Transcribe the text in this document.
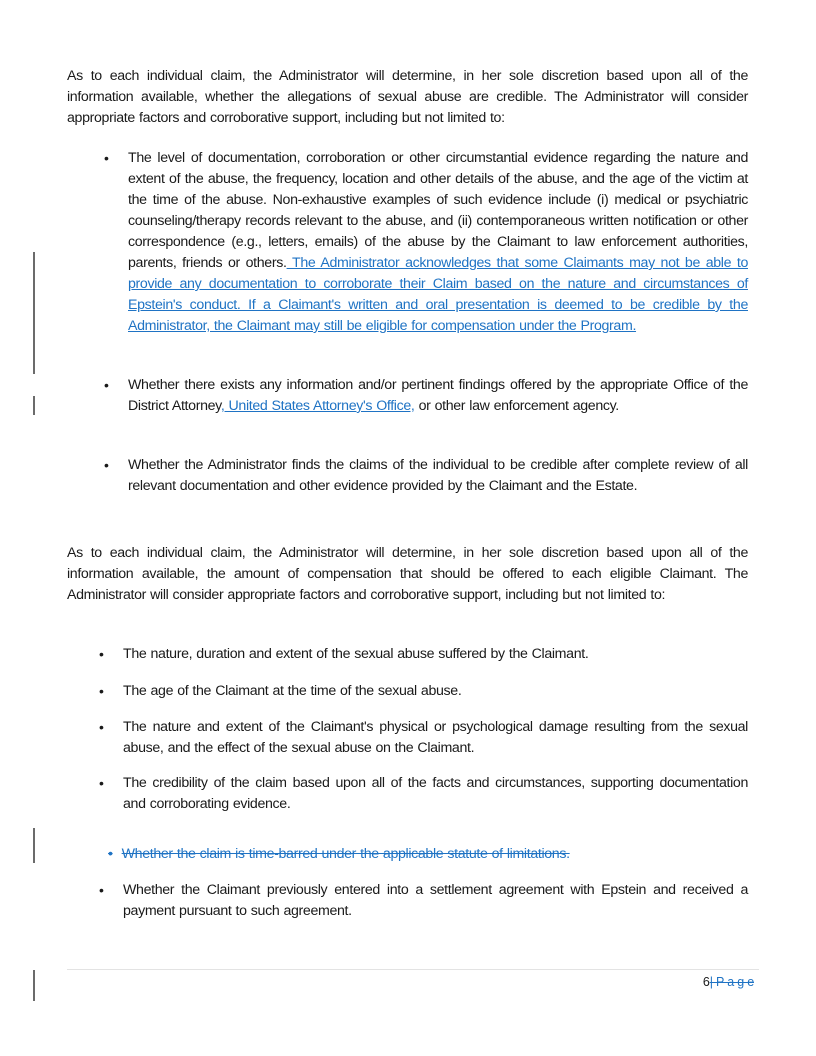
As to each individual claim, the Administrator will determine, in her sole discretion based upon all of the information available, whether the allegations of sexual abuse are credible. The Administrator will consider appropriate factors and corroborative support, including but not limited to:

• The level of documentation, corroboration or other circumstantial evidence regarding the nature and extent of the abuse, the frequency, location and other details of the abuse, and the age of the victim at the time of the abuse. Non-exhaustive examples of such evidence include (i) medical or psychiatric counseling/therapy records relevant to the abuse, and (ii) contemporaneous written notification or other correspondence (e.g., letters, emails) of the abuse by the Claimant to law enforcement authorities, parents, friends or others. The Administrator acknowledges that some Claimants may not be able to provide any documentation to corroborate their Claim based on the nature and circumstances of Epstein's conduct. If a Claimant's written and oral presentation is deemed to be credible by the Administrator, the Claimant may still be eligible for compensation under the Program.
• Whether there exists any information and/or pertinent findings offered by the appropriate Office of the District Attorney, United States Attorney's Office, or other law enforcement agency.
• Whether the Administrator finds the claims of the individual to be credible after complete review of all relevant documentation and other evidence provided by the Claimant and the Estate.

As to each individual claim, the Administrator will determine, in her sole discretion based upon all of the information available, the amount of compensation that should be offered to each eligible Claimant. The Administrator will consider appropriate factors and corroborative support, including but not limited to:

• The nature, duration and extent of the sexual abuse suffered by the Claimant.
• The age of the Claimant at the time of the sexual abuse.
• The nature and extent of the Claimant's physical or psychological damage resulting from the sexual abuse, and the effect of the sexual abuse on the Claimant.
• The credibility of the claim based upon all of the facts and circumstances, supporting documentation and corroborating evidence.
• Whether the claim is time-barred under the applicable statute of limitations.
• Whether the Claimant previously entered into a settlement agreement with Epstein and received a payment pursuant to such agreement.
6| P a g e
